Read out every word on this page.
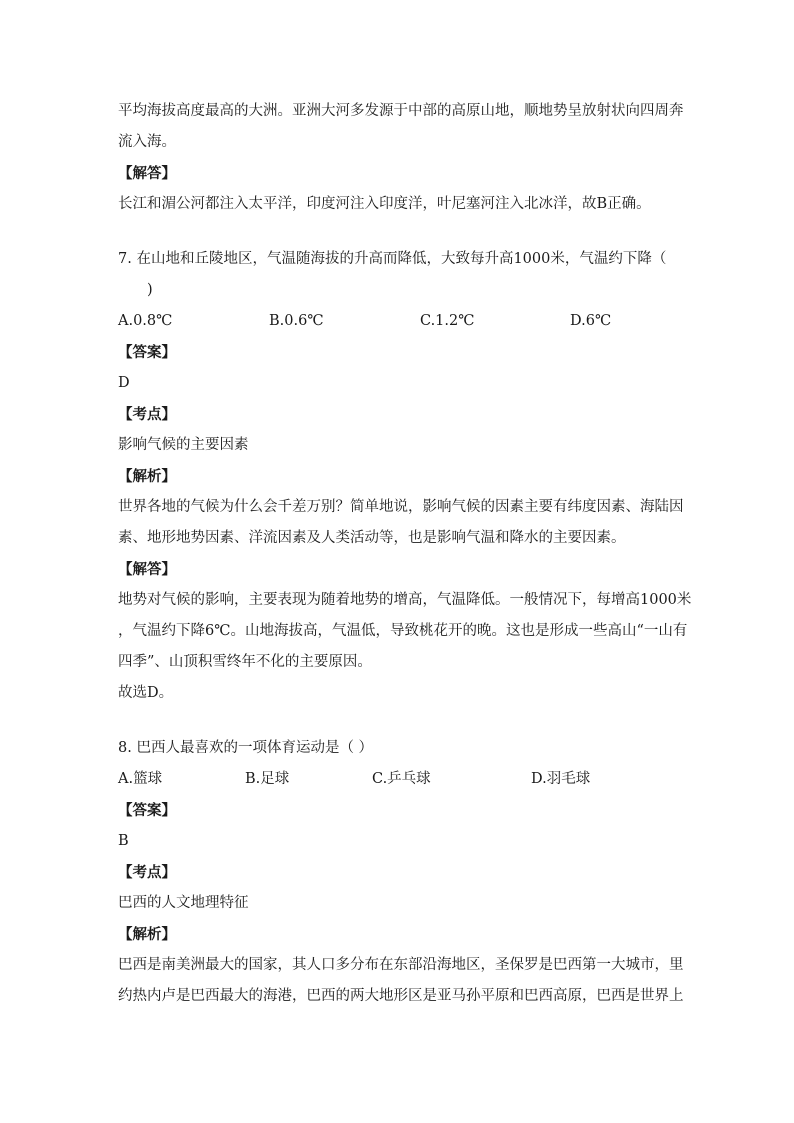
平均海拔高度最高的大洲。亚洲大河多发源于中部的高原山地，顺地势呈放射状向四周奔
流入海。
【解答】
长江和湄公河都注入太平洋，印度河注入印度洋，叶尼塞河注入北冰洋，故B正确。
7. 在山地和丘陵地区，气温随海拔的升高而降低，大致每升高1000米，气温约下降（
)
A.0.8℃	B.0.6℃	C.1.2℃	D.6℃
【答案】
D
【考点】
影响气候的主要因素
【解析】
世界各地的气候为什么会千差万别？简单地说，影响气候的因素主要有纬度因素、海陆因
素、地形地势因素、洋流因素及人类活动等，也是影响气温和降水的主要因素。
【解答】
地势对气候的影响，主要表现为随着地势的增高，气温降低。一般情况下，每增高1000米
，气温约下降6℃。山地海拔高，气温低，导致桃花开的晚。这也是形成一些高山“一山有
四季”、山顶积雪终年不化的主要原因。
故选D。
8. 巴西人最喜欢的一项体育运动是（ ）
A.篮球	B.足球	C.乒乓球	D.羽毛球
【答案】
B
【考点】
巴西的人文地理特征
【解析】
巴西是南美洲最大的国家，其人口多分布在东部沿海地区，圣保罗是巴西第一大城市，里
约热内卢是巴西最大的海港，巴西的两大地形区是亚马孙平原和巴西高原，巴西是世界上
